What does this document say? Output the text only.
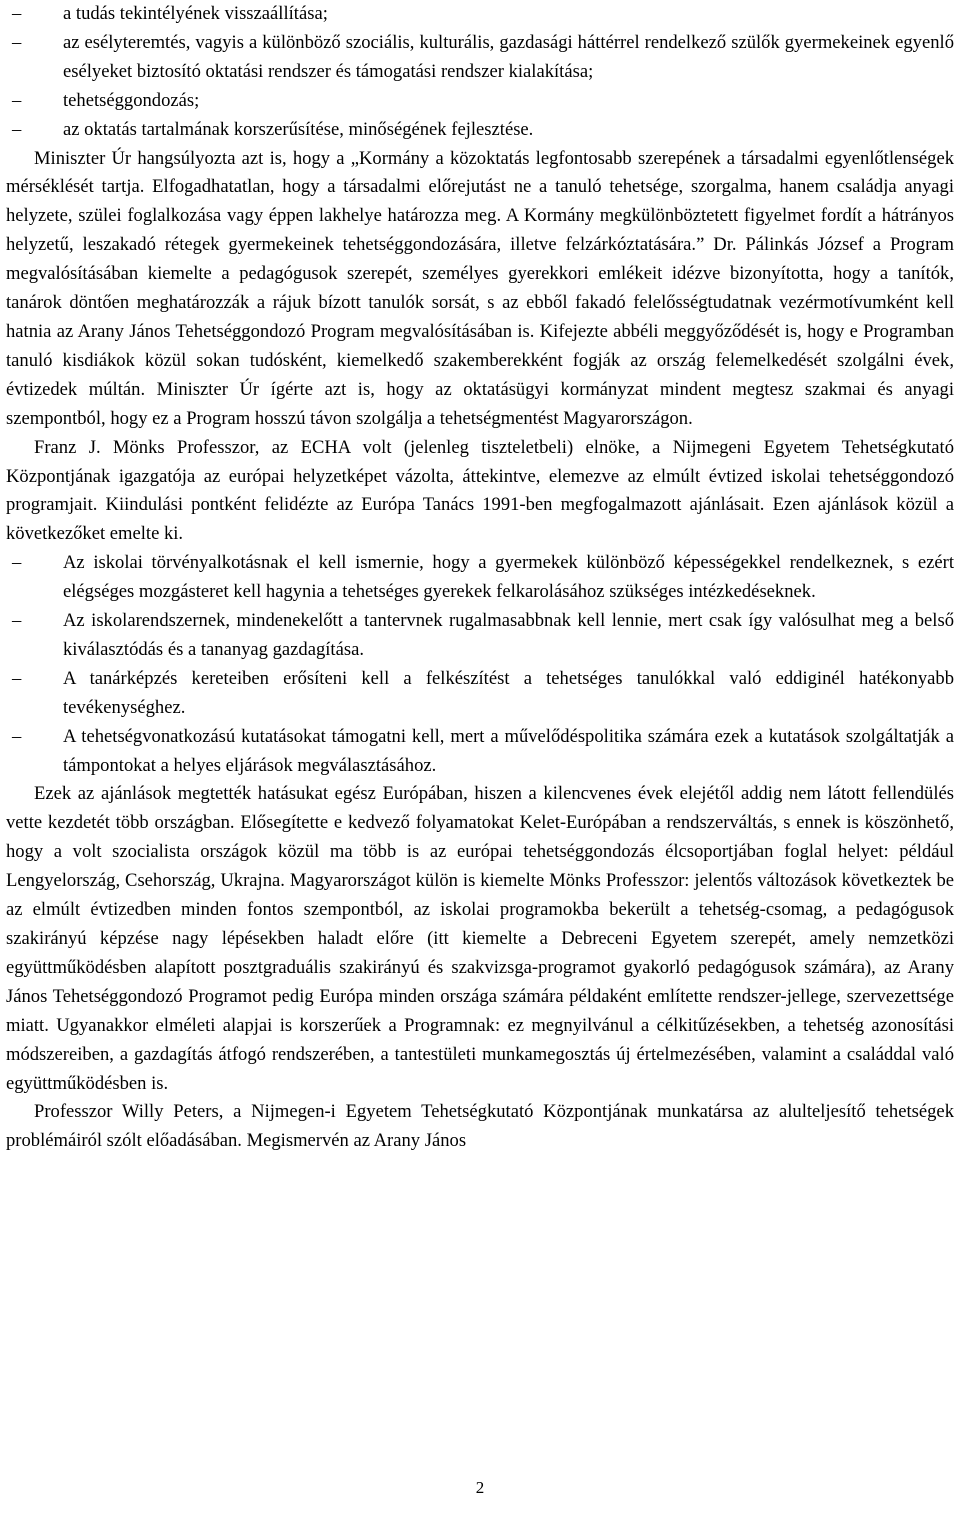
– a tudás tekintélyének visszaállítása;
– az esélyteremtés, vagyis a különböző szociális, kulturális, gazdasági háttérrel rendelkező szülők gyermekeinek egyenlő esélyeket biztosító oktatási rendszer és támogatási rendszer kialakítása;
– tehetséggondozás;
– az oktatás tartalmának korszerűsítése, minőségének fejlesztése.

Miniszter Úr hangsúlyozta azt is, hogy a „Kormány a közoktatás legfontosabb szerepének a társadalmi egyenlőtlenségek mérséklését tartja. Elfogadhatatlan, hogy a társadalmi előrejutást ne a tanuló tehetsége, szorgalma, hanem családja anyagi helyzete, szülei foglalkozása vagy éppen lakhelye határozza meg. A Kormány megkülönböztetett figyelmet fordít a hátrányos helyzetű, leszakadó rétegek gyermekeinek tehetséggondozására, illetve felzárkóztatására.” Dr. Pálinkás József a Program megvalósításában kiemelte a pedagógusok szerepét, személyes gyerekkori emlékeit idézve bizonyította, hogy a tanítók, tanárok döntően meghatározzák a rájuk bízott tanulók sorsát, s az ebből fakadó felelősségtudatnak vezérmotívumként kell hatnia az Arany János Tehetséggondozó Program megvalósításában is. Kifejezte abbéli meggyőződését is, hogy e Programban tanuló kisdiákok közül sokan tudósként, kiemelkedő szakemberekként fogják az ország felemelkedését szolgálni évek, évtizedek múltán. Miniszter Úr ígérte azt is, hogy az oktatásügyi kormányzat mindent megtesz szakmai és anyagi szempontból, hogy ez a Program hosszú távon szolgálja a tehetségmentést Magyarországon.

Franz J. Mönks Professzor, az ECHA volt (jelenleg tiszteletbeli) elnöke, a Nijmegeni Egyetem Tehetségkutató Központjának igazgatója az európai helyzetképet vázolta, áttekintve, elemezve az elmúlt évtized iskolai tehetséggondozó programjait. Kiindulási pontként felidézte az Európa Tanács 1991-ben megfogalmazott ajánlásait. Ezen ajánlások közül a következőket emelte ki.

– Az iskolai törvényalkotásnak el kell ismernie, hogy a gyermekek különböző képességekkel rendelkeznek, s ezért elégséges mozgásteret kell hagynia a tehetséges gyerekek felkarolásához szükséges intézkedéseknek.
– Az iskolarendszernek, mindenekelőtt a tantervnek rugalmasabbnak kell lennie, mert csak így valósulhat meg a belső kiválasztódás és a tananyag gazdagítása.
– A tanárképzés kereteiben erősíteni kell a felkészítést a tehetséges tanulókkal való eddiginél hatékonyabb tevékenységhez.
– A tehetségvonatkozású kutatásokat támogatni kell, mert a művelődéspolitika számára ezek a kutatások szolgáltatják a támpontokat a helyes eljárások megválasztásához.

Ezek az ajánlások megtették hatásukat egész Európában, hiszen a kilencvenes évek elejétől addig nem látott fellendülés vette kezdetét több országban. Elősegítette e kedvező folyamatokat Kelet-Európában a rendszerváltás, s ennek is köszönhető, hogy a volt szocialista országok közül ma több is az európai tehetséggondozás élcsoportjában foglal helyet: például Lengyelország, Csehország, Ukrajna. Magyarországot külön is kiemelte Mönks Professzor: jelentős változások következtek be az elmúlt évtizedben minden fontos szempontból, az iskolai programokba bekerült a tehetség-csomag, a pedagógusok szakirányú képzése nagy lépésekben haladt előre (itt kiemelte a Debreceni Egyetem szerepét, amely nemzetközi együttműködésben alapított posztgraduális szakirányú és szakvizsga-programot gyakorló pedagógusok számára), az Arany János Tehetséggondozó Programot pedig Európa minden országa számára példaként említette rendszer-jellege, szervezettsége miatt. Ugyanakkor elméleti alapjai is korszerűek a Programnak: ez megnyilvánul a célkitűzésekben, a tehetség azonosítási módszereiben, a gazdagítás átfogó rendszerében, a tantestületi munkamegosztás új értelmezésében, valamint a családdal való együttműködésben is.

Professzor Willy Peters, a Nijmegen-i Egyetem Tehetségkutató Központjának munkatársa az alulteljesítő tehetségek problémáiról szólt előadásában. Megismervén az Arany János

2
